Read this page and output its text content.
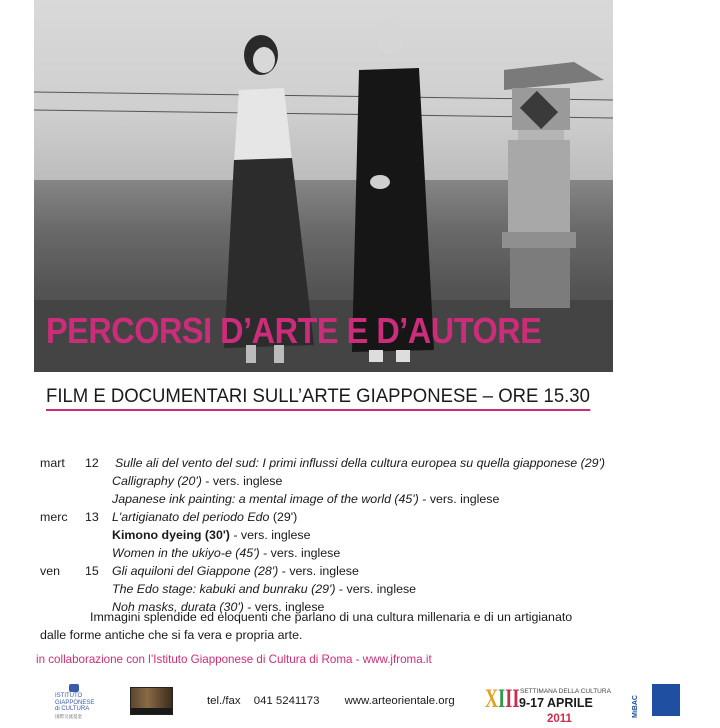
PERCORSI D’ARTE E D’AUTORE
FILM E DOCUMENTARI SULL’ARTE GIAPPONESE – ORE 15.30
mart 12 Sulle ali del vento del sud: I primi influssi della cultura europea su quella giapponese (29')
Calligraphy (20') - vers. inglese
Japanese ink painting: a mental image of the world (45') - vers. inglese
merc 13 L'artigianato del periodo Edo (29')
Kimono dyeing (30') - vers. inglese
Women in the ukiyo-e (45') - vers. inglese
ven 15 Gli aquiloni del Giappone (28') - vers. inglese
The Edo stage: kabuki and bunraku (29') - vers. inglese
Noh masks, durata (30') - vers. inglese
Immagini splendide ed eloquenti che parlano di una cultura millenaria e di un artigianato
dalle forme antiche che si fa vera e propria arte.
in collaborazione con l’Istituto Giapponese di Cultura di Roma - www.jfroma.it
ISTITUTO
GIAPPONESE
di CULTURA
国際交流基金
tel./fax 041 5241173 www.arteorientale.org XIII SETTIMANA DELLA CULTURA
9-17 APRILE
2011
MiBAC
